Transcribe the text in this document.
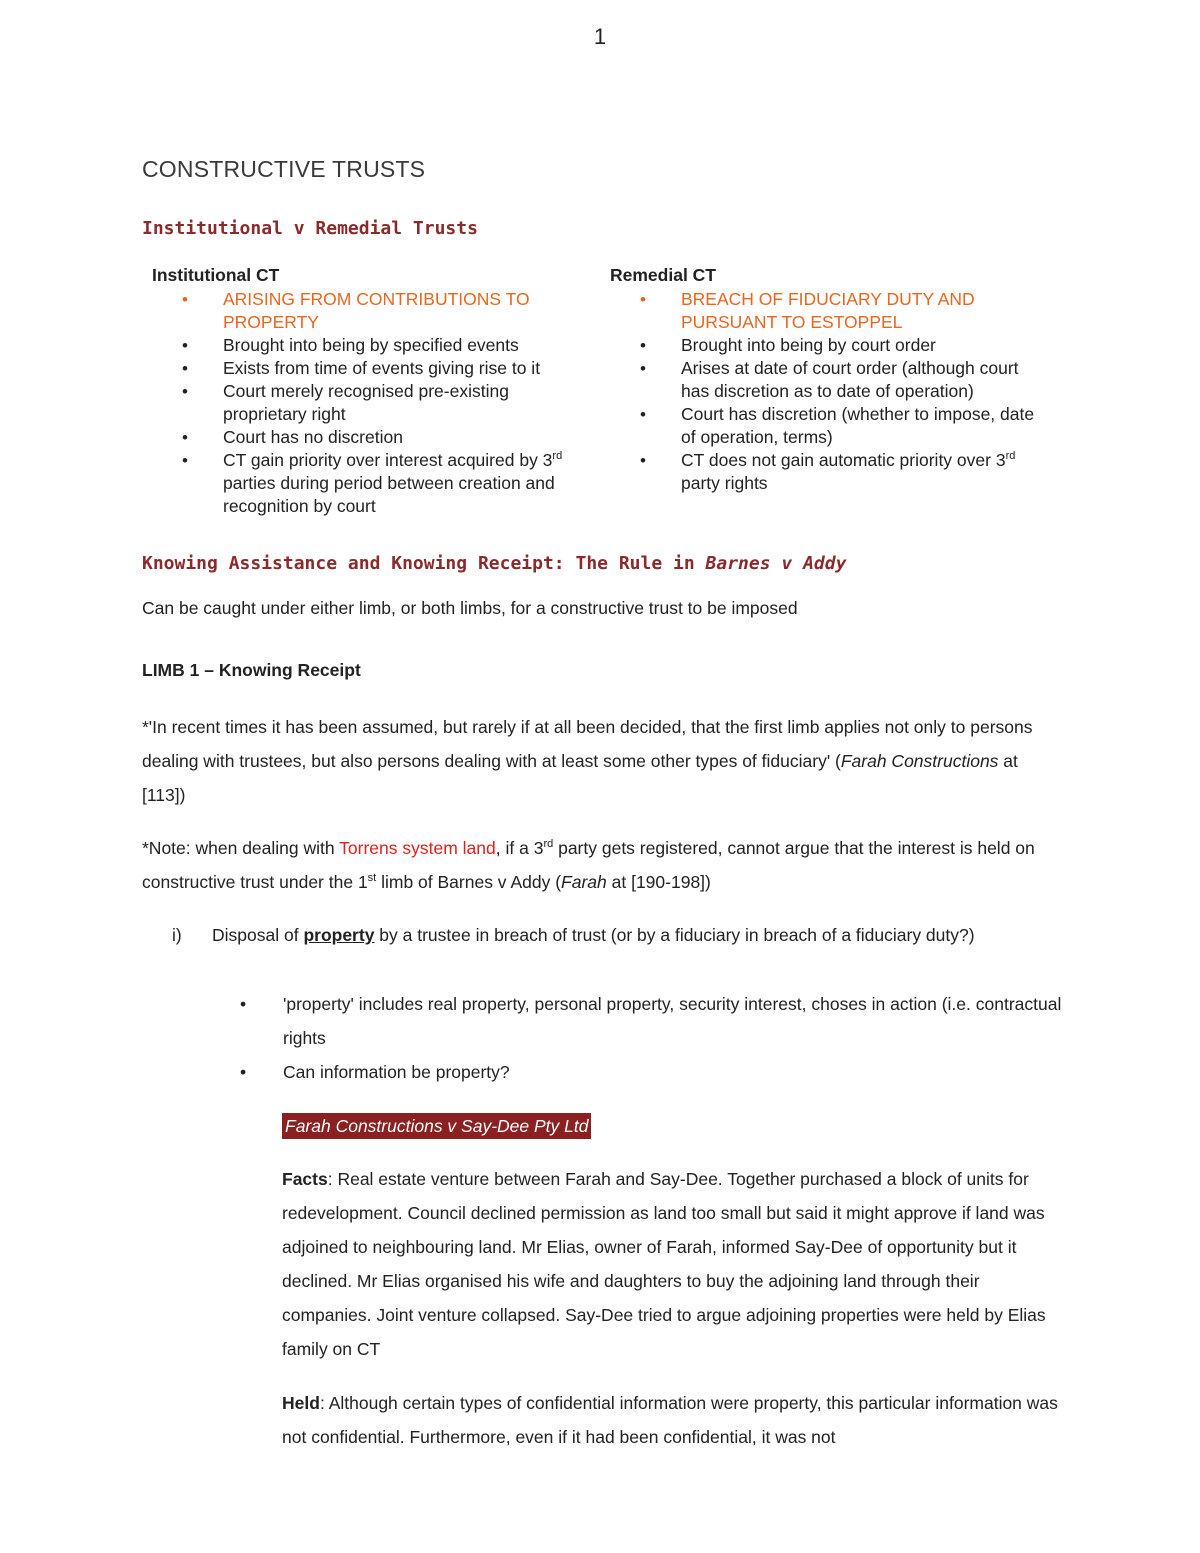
1
CONSTRUCTIVE TRUSTS
Institutional v Remedial Trusts
Institutional CT
• ARISING FROM CONTRIBUTIONS TO PROPERTY
• Brought into being by specified events
• Exists from time of events giving rise to it
• Court merely recognised pre-existing proprietary right
• Court has no discretion
• CT gain priority over interest acquired by 3rd parties during period between creation and recognition by court
Remedial CT
• BREACH OF FIDUCIARY DUTY AND PURSUANT TO ESTOPPEL
• Brought into being by court order
• Arises at date of court order (although court has discretion as to date of operation)
• Court has discretion (whether to impose, date of operation, terms)
• CT does not gain automatic priority over 3rd party rights
Knowing Assistance and Knowing Receipt: The Rule in Barnes v Addy
Can be caught under either limb, or both limbs, for a constructive trust to be imposed
LIMB 1 – Knowing Receipt
*'In recent times it has been assumed, but rarely if at all been decided, that the first limb applies not only to persons dealing with trustees, but also persons dealing with at least some other types of fiduciary' (Farah Constructions at [113])
*Note: when dealing with Torrens system land, if a 3rd party gets registered, cannot argue that the interest is held on constructive trust under the 1st limb of Barnes v Addy (Farah at [190-198])
i) Disposal of property by a trustee in breach of trust (or by a fiduciary in breach of a fiduciary duty?)
• 'property' includes real property, personal property, security interest, choses in action (i.e. contractual rights
• Can information be property?
Farah Constructions v Say-Dee Pty Ltd
Facts: Real estate venture between Farah and Say-Dee. Together purchased a block of units for redevelopment. Council declined permission as land too small but said it might approve if land was adjoined to neighbouring land. Mr Elias, owner of Farah, informed Say-Dee of opportunity but it declined. Mr Elias organised his wife and daughters to buy the adjoining land through their companies. Joint venture collapsed. Say-Dee tried to argue adjoining properties were held by Elias family on CT
Held: Although certain types of confidential information were property, this particular information was not confidential. Furthermore, even if it had been confidential, it was not
